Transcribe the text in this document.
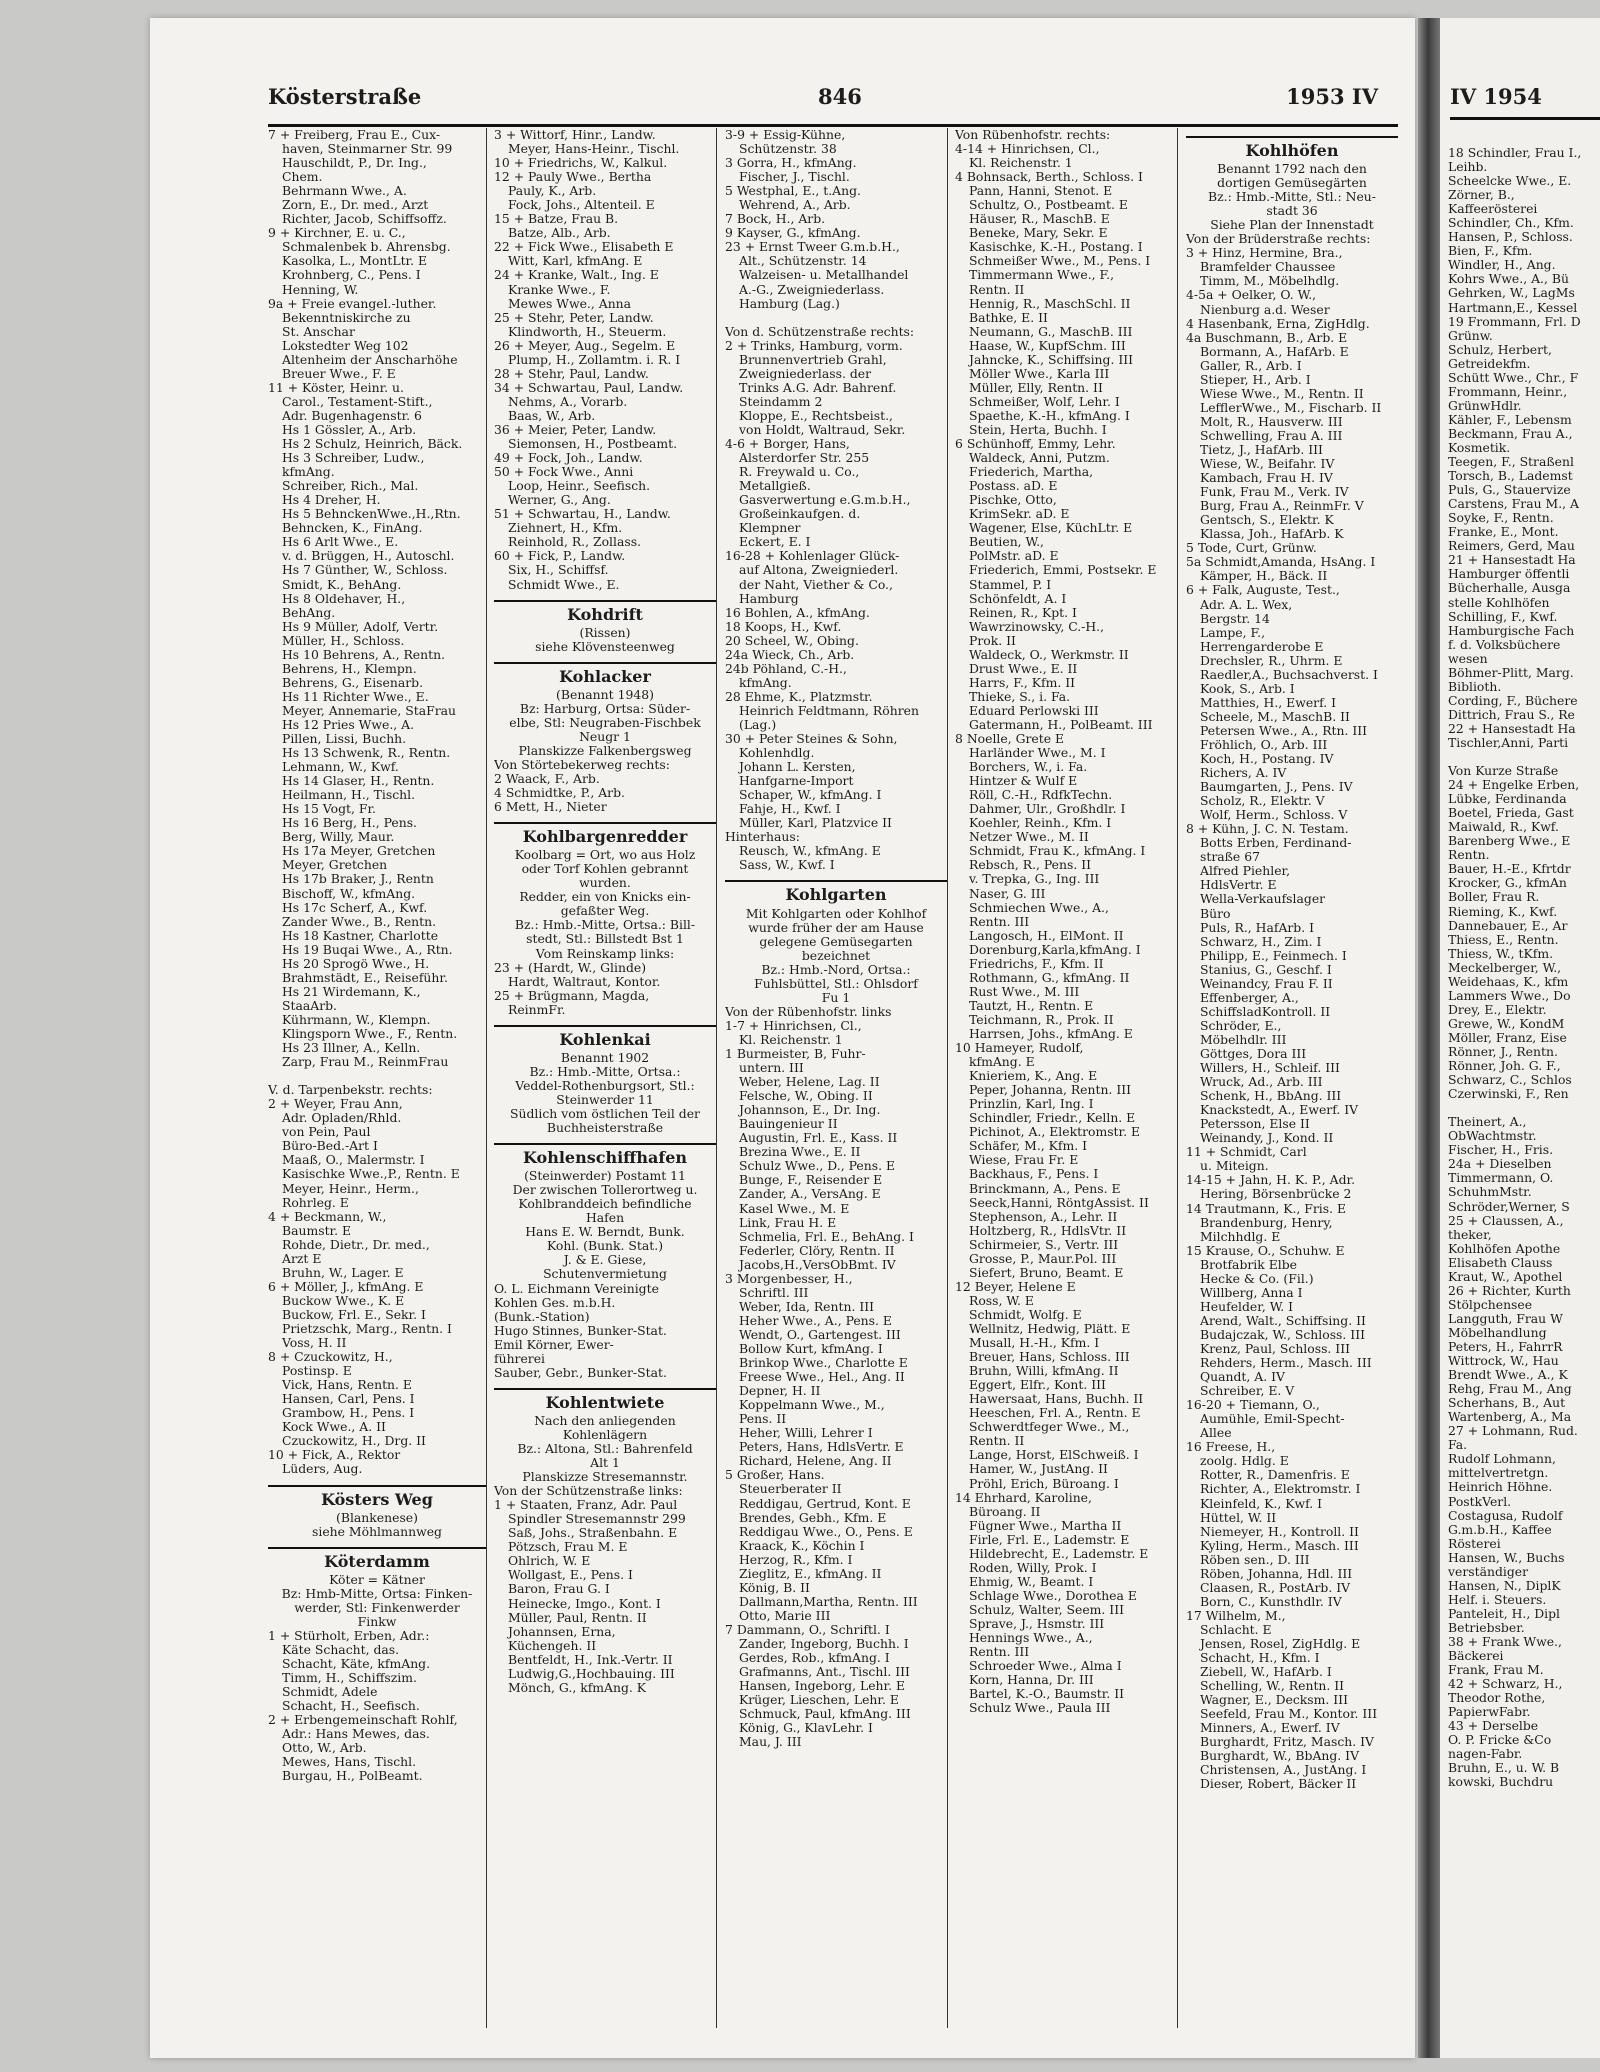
IV 1954
18 Schindler, Frau I.,
Leihb.
Scheelcke Wwe., E.
Zörner, B.,
Kaffeerösterei
Schindler, Ch., Kfm.
Hansen, P., Schloss.
Bien, F., Kfm.
Windler, H., Ang.
Kohrs Wwe., A., Bü
Gehrken, W., LagMs
Hartmann,E., Kessel
19 Frommann, Frl. D
Grünw.
Schulz, Herbert,
Getreidekfm.
Schütt Wwe., Chr., F
Frommann, Heinr.,
GrünwHdlr.
Kähler, F., Lebensm
Beckmann, Frau A.,
Kosmetik.
Teegen, F., Straßenl
Torsch, B., Lademst
Puls, G., Stauervize
Carstens, Frau M., A
Soyke, F., Rentn.
Franke, E., Mont.
Reimers, Gerd, Mau
21 + Hansestadt Ha
Hamburger öffentli
Bücherhalle, Ausga
stelle Kohlhöfen
Schilling, F., Kwf.
Hamburgische Fach
f. d. Volksbüchere
wesen
Böhmer-Plitt, Marg.
Biblioth.
Cording, F., Büchere
Dittrich, Frau S., Re
22 + Hansestadt Ha
Tischler,Anni, Parti

Von Kurze Straße
24 + Engelke Erben,
Lübke, Ferdinanda
Boetel, Frieda, Gast
Maiwald, R., Kwf.
Barenberg Wwe., E
Rentn.
Bauer, H.-E., Kfrtdr
Krocker, G., kfmAn
Boller, Frau R.
Rieming, K., Kwf.
Dannebauer, E., Ar
Thiess, E., Rentn.
Thiess, W., tKfm.
Meckelberger, W.,
Weidehaas, K., kfm
Lammers Wwe., Do
Drey, E., Elektr.
Grewe, W., KondM
Möller, Franz, Eise
Rönner, J., Rentn.
Rönner, Joh. G. F.,
Schwarz, C., Schlos
Czerwinski, F., Ren

Theinert, A.,
ObWachtmstr.
Fischer, H., Fris.
24a + Dieselben
Timmermann, O.
SchuhmMstr.
Schröder,Werner, S
25 + Claussen, A.,
theker,
Kohlhöfen Apothe
Elisabeth Clauss
Kraut, W., Apothel
26 + Richter, Kurth
Stölpchensee
Langguth, Frau W
Möbelhandlung
Peters, H., FahrrR
Wittrock, W., Hau
Brendt Wwe., A., K
Rehg, Frau M., Ang
Scherhans, B., Aut
Wartenberg, A., Ma
27 + Lohmann, Rud.
Fa.
Rudolf Lohmann,
mittelvertretgn.
Heinrich Höhne.
PostkVerl.
Costagusa, Rudolf
G.m.b.H., Kaffee
Rösterei
Hansen, W., Buchs
verständiger
Hansen, N., DiplK
Helf. i. Steuers.
Panteleit, H., Dipl
Betriebsber.
38 + Frank Wwe.,
Bäckerei
Frank, Frau M.
42 + Schwarz, H.,
Theodor Rothe,
PapierwFabr.
43 + Derselbe
O. P. Fricke &Co
nagen-Fabr.
Bruhn, E., u. W. B
kowski, Buchdru
Kösterstraße	846	1953 IV
7 + Freiberg, Frau E., Cux-
haven, Steinmarner Str. 99
Hauschildt, P., Dr. Ing.,
Chem.
Behrmann Wwe., A.
Zorn, E., Dr. med., Arzt
Richter, Jacob, Schiffsoffz.
9 + Kirchner, E. u. C.,
Schmalenbek b. Ahrensbg.
Kasolka, L., MontLtr. E
Krohnberg, C., Pens. I
Henning, W.
9a + Freie evangel.-luther.
Bekenntniskirche zu
St. Anschar
Lokstedter Weg 102
Altenheim der Anscharhöhe
Breuer Wwe., F. E
11 + Köster, Heinr. u.
Carol., Testament-Stift.,
Adr. Bugenhagenstr. 6
Hs 1 Gössler, A., Arb.
Hs 2 Schulz, Heinrich, Bäck.
Hs 3 Schreiber, Ludw.,
kfmAng.
Schreiber, Rich., Mal.
Hs 4 Dreher, H.
Hs 5 BehnckenWwe.,H.,Rtn.
Behncken, K., FinAng.
Hs 6 Arlt Wwe., E.
v. d. Brüggen, H., Autoschl.
Hs 7 Günther, W., Schloss.
Smidt, K., BehAng.
Hs 8 Oldehaver, H.,
BehAng.
Hs 9 Müller, Adolf, Vertr.
Müller, H., Schloss.
Hs 10 Behrens, A., Rentn.
Behrens, H., Klempn.
Behrens, G., Eisenarb.
Hs 11 Richter Wwe., E.
Meyer, Annemarie, StaFrau
Hs 12 Pries Wwe., A.
Pillen, Lissi, Buchh.
Hs 13 Schwenk, R., Rentn.
Lehmann, W., Kwf.
Hs 14 Glaser, H., Rentn.
Heilmann, H., Tischl.
Hs 15 Vogt, Fr.
Hs 16 Berg, H., Pens.
Berg, Willy, Maur.
Hs 17a Meyer, Gretchen
Meyer, Gretchen
Hs 17b Braker, J., Rentn
Bischoff, W., kfmAng.
Hs 17c Scherf, A., Kwf.
Zander Wwe., B., Rentn.
Hs 18 Kastner, Charlotte
Hs 19 Buqai Wwe., A., Rtn.
Hs 20 Sprogö Wwe., H.
Brahmstädt, E., Reiseführ.
Hs 21 Wirdemann, K.,
StaaArb.
Kührmann, W., Klempn.
Klingsporn Wwe., F., Rentn.
Hs 23 Illner, A., Kelln.
Zarp, Frau M., ReinmFrau

V. d. Tarpenbekstr. rechts:
2 + Weyer, Frau Ann,
Adr. Opladen/Rhld.
von Pein, Paul
Büro-Bed.-Art I
Maaß, O., Malermstr. I
Kasischke Wwe.,P., Rentn. E
Meyer, Heinr., Herm.,
Rohrleg. E
4 + Beckmann, W.,
Baumstr. E
Rohde, Dietr., Dr. med.,
Arzt E
Bruhn, W., Lager. E
6 + Möller, J., kfmAng. E
Buckow Wwe., K. E
Buckow, Frl. E., Sekr. I
Prietzschk, Marg., Rentn. I
Voss, H. II
8 + Czuckowitz, H.,
Postinsp. E
Vick, Hans, Rentn. E
Hansen, Carl, Pens. I
Grambow, H., Pens. I
Kock Wwe., A. II
Czuckowitz, H., Drg. II
10 + Fick, A., Rektor
Lüders, Aug.
Kösters Weg
(Blankenese)
siehe Möhlmannweg
Köterdamm
Köter = Kätner
Bz: Hmb-Mitte, Ortsa: Finken-
werder, Stl: Finkenwerder
Finkw
1 + Stürholt, Erben, Adr.:
Käte Schacht, das.
Schacht, Käte, kfmAng.
Timm, H., Schiffszim.
Schmidt, Adele
Schacht, H., Seefisch.
2 + Erbengemeinschaft Rohlf,
Adr.: Hans Mewes, das.
Otto, W., Arb.
Mewes, Hans, Tischl.
Burgau, H., PolBeamt.
3 + Wittorf, Hinr., Landw.
Meyer, Hans-Heinr., Tischl.
10 + Friedrichs, W., Kalkul.
12 + Pauly Wwe., Bertha
Pauly, K., Arb.
Fock, Johs., Altenteil. E
15 + Batze, Frau B.
Batze, Alb., Arb.
22 + Fick Wwe., Elisabeth E
Witt, Karl, kfmAng. E
24 + Kranke, Walt., Ing. E
Kranke Wwe., F.
Mewes Wwe., Anna
25 + Stehr, Peter, Landw.
Klindworth, H., Steuerm.
26 + Meyer, Aug., Segelm. E
Plump, H., Zollamtm. i. R. I
28 + Stehr, Paul, Landw.
34 + Schwartau, Paul, Landw.
Nehms, A., Vorarb.
Baas, W., Arb.
36 + Meier, Peter, Landw.
Siemonsen, H., Postbeamt.
49 + Fock, Joh., Landw.
50 + Fock Wwe., Anni
Loop, Heinr., Seefisch.
Werner, G., Ang.
51 + Schwartau, H., Landw.
Ziehnert, H., Kfm.
Reinhold, R., Zollass.
60 + Fick, P., Landw.
Six, H., Schiffsf.
Schmidt Wwe., E.
Kohdrift
(Rissen)
siehe Klövensteenweg
Kohlacker
(Benannt 1948)
Bz: Harburg, Ortsa: Süder-
elbe, Stl: Neugraben-Fischbek
Neugr 1
Planskizze Falkenbergsweg
Von Störtebekerweg rechts:
2 Waack, F., Arb.
4 Schmidtke, P., Arb.
6 Mett, H., Nieter
Kohlbargenredder
Koolbarg = Ort, wo aus Holz
oder Torf Kohlen gebrannt
wurden.
Redder, ein von Knicks ein-
gefaßter Weg.
Bz.: Hmb.-Mitte, Ortsa.: Bill-
stedt, Stl.: Billstedt Bst 1
Vom Reinskamp links:
23 + (Hardt, W., Glinde)
Hardt, Waltraut, Kontor.
25 + Brügmann, Magda,
ReinmFr.
Kohlenkai
Benannt 1902
Bz.: Hmb.-Mitte, Ortsa.:
Veddel-Rothenburgsort, Stl.:
Steinwerder 11
Südlich vom östlichen Teil der
Buchheisterstraße
Kohlenschiffhafen
(Steinwerder) Postamt 11
Der zwischen Tollerortweg u.
Kohlbranddeich befindliche
Hafen
Hans E. W. Berndt, Bunk.
Kohl. (Bunk. Stat.)
J. & E. Giese,
Schutenvermietung
O. L. Eichmann Vereinigte
Kohlen Ges. m.b.H.
(Bunk.-Station)
Hugo Stinnes, Bunker-Stat.
Emil Körner, Ewer-
führerei
Sauber, Gebr., Bunker-Stat.
Kohlentwiete
Nach den anliegenden
Kohlenlägern
Bz.: Altona, Stl.: Bahrenfeld
Alt 1
Planskizze Stresemannstr.
Von der Schützenstraße links:
1 + Staaten, Franz, Adr. Paul
Spindler Stresemannstr 299
Saß, Johs., Straßenbahn. E
Pötzsch, Frau M. E
Ohlrich, W. E
Wollgast, E., Pens. I
Baron, Frau G. I
Heinecke, Imgo., Kont. I
Müller, Paul, Rentn. II
Johannsen, Erna,
Küchengeh. II
Bentfeldt, H., Ink.-Vertr. II
Ludwig,G.,Hochbauing. III
Mönch, G., kfmAng. K
3-9 + Essig-Kühne,
Schützenstr. 38
3 Gorra, H., kfmAng.
Fischer, J., Tischl.
5 Westphal, E., t.Ang.
Wehrend, A., Arb.
7 Bock, H., Arb.
9 Kayser, G., kfmAng.
23 + Ernst Tweer G.m.b.H.,
Alt., Schützenstr. 14
Walzeisen- u. Metallhandel
A.-G., Zweigniederlass.
Hamburg (Lag.)

Von d. Schützenstraße rechts:
2 + Trinks, Hamburg, vorm.
Brunnenvertrieb Grahl,
Zweigniederlass. der
Trinks A.G. Adr. Bahrenf.
Steindamm 2
Kloppe, E., Rechtsbeist.,
von Holdt, Waltraud, Sekr.
4-6 + Borger, Hans,
Alsterdorfer Str. 255
R. Freywald u. Co.,
Metallgieß.
Gasverwertung e.G.m.b.H.,
Großeinkaufgen. d.
Klempner
Eckert, E. I
16-28 + Kohlenlager Glück-
auf Altona, Zweigniederl.
der Naht, Viether & Co.,
Hamburg
16 Bohlen, A., kfmAng.
18 Koops, H., Kwf.
20 Scheel, W., Obing.
24a Wieck, Ch., Arb.
24b Pöhland, C.-H.,
kfmAng.
28 Ehme, K., Platzmstr.
Heinrich Feldtmann, Röhren
(Lag.)
30 + Peter Steines & Sohn,
Kohlenhdlg.
Johann L. Kersten,
Hanfgarne-Import
Schaper, W., kfmAng. I
Fahje, H., Kwf. I
Müller, Karl, Platzvice II
Hinterhaus:
Reusch, W., kfmAng. E
Sass, W., Kwf. I
Kohlgarten
Mit Kohlgarten oder Kohlhof
wurde früher der am Hause
gelegene Gemüsegarten
bezeichnet
Bz.: Hmb.-Nord, Ortsa.:
Fuhlsbüttel, Stl.: Ohlsdorf
Fu 1
Von der Rübenhofstr. links
1-7 + Hinrichsen, Cl.,
Kl. Reichenstr. 1
1 Burmeister, B, Fuhr-
untern. III
Weber, Helene, Lag. II
Felsche, W., Obing. II
Johannson, E., Dr. Ing.
Bauingenieur II
Augustin, Frl. E., Kass. II
Brezina Wwe., E. II
Schulz Wwe., D., Pens. E
Bunge, F., Reisender E
Zander, A., VersAng. E
Kasel Wwe., M. E
Link, Frau H. E
Schmelia, Frl. E., BehAng. I
Federler, Clöry, Rentn. II
Jacobs,H.,VersObBmt. IV
3 Morgenbesser, H.,
Schriftl. III
Weber, Ida, Rentn. III
Heher Wwe., A., Pens. E
Wendt, O., Gartengest. III
Bollow Kurt, kfmAng. I
Brinkop Wwe., Charlotte E
Freese Wwe., Hel., Ang. II
Depner, H. II
Koppelmann Wwe., M.,
Pens. II
Heher, Willi, Lehrer I
Peters, Hans, HdlsVertr. E
Richard, Helene, Ang. II
5 Großer, Hans.
Steuerberater II
Reddigau, Gertrud, Kont. E
Brendes, Gebh., Kfm. E
Reddigau Wwe., O., Pens. E
Kraack, K., Köchin I
Herzog, R., Kfm. I
Zieglitz, E., kfmAng. II
König, B. II
Dallmann,Martha, Rentn. III
Otto, Marie III
7 Dammann, O., Schriftl. I
Zander, Ingeborg, Buchh. I
Gerdes, Rob., kfmAng. I
Grafmanns, Ant., Tischl. III
Hansen, Ingeborg, Lehr. E
Krüger, Lieschen, Lehr. E
Schmuck, Paul, kfmAng. III
König, G., KlavLehr. I
Mau, J. III
Von Rübenhofstr. rechts:
4-14 + Hinrichsen, Cl.,
Kl. Reichenstr. 1
4 Bohnsack, Berth., Schloss. I
Pann, Hanni, Stenot. E
Schultz, O., Postbeamt. E
Häuser, R., MaschB. E
Beneke, Mary, Sekr. E
Kasischke, K.-H., Postang. I
Schmeißer Wwe., M., Pens. I
Timmermann Wwe., F.,
Rentn. II
Hennig, R., MaschSchl. II
Bathke, E. II
Neumann, G., MaschB. III
Haase, W., KupfSchm. III
Jahncke, K., Schiffsing. III
Möller Wwe., Karla III
Müller, Elly, Rentn. II
Schmeißer, Wolf, Lehr. I
Spaethe, K.-H., kfmAng. I
Stein, Herta, Buchh. I
6 Schünhoff, Emmy, Lehr.
Waldeck, Anni, Putzm.
Friederich, Martha,
Postass. aD. E
Pischke, Otto,
KrimSekr. aD. E
Wagener, Else, KüchLtr. E
Beutien, W.,
PolMstr. aD. E
Friederich, Emmi, Postsekr. E
Stammel, P. I
Schönfeldt, A. I
Reinen, R., Kpt. I
Wawrzinowsky, C.-H.,
Prok. II
Waldeck, O., Werkmstr. II
Drust Wwe., E. II
Harrs, F., Kfm. II
Thieke, S., i. Fa.
Eduard Perlowski III
Gatermann, H., PolBeamt. III
8 Noelle, Grete E
Harländer Wwe., M. I
Borchers, W., i. Fa.
Hintzer & Wulf E
Röll, C.-H., RdfkTechn.
Dahmer, Ulr., Großhdlr. I
Koehler, Reinh., Kfm. I
Netzer Wwe., M. II
Schmidt, Frau K., kfmAng. I
Rebsch, R., Pens. II
v. Trepka, G., Ing. III
Naser, G. III
Schmiechen Wwe., A.,
Rentn. III
Langosch, H., ElMont. II
Dorenburg,Karla,kfmAng. I
Friedrichs, F., Kfm. II
Rothmann, G., kfmAng. II
Rust Wwe., M. III
Tautzt, H., Rentn. E
Teichmann, R., Prok. II
Harrsen, Johs., kfmAng. E
10 Hameyer, Rudolf,
kfmAng. E
Knieriem, K., Ang. E
Peper, Johanna, Rentn. III
Prinzlin, Karl, Ing. I
Schindler, Friedr., Kelln. E
Pichinot, A., Elektromstr. E
Schäfer, M., Kfm. I
Wiese, Frau Fr. E
Backhaus, F., Pens. I
Brinckmann, A., Pens. E
Seeck,Hanni, RöntgAssist. II
Stephenson, A., Lehr. II
Holtzberg, R., HdlsVtr. II
Schirmeier, S., Vertr. III
Grosse, P., Maur.Pol. III
Siefert, Bruno, Beamt. E
12 Beyer, Helene E
Ross, W. E
Schmidt, Wolfg. E
Wellnitz, Hedwig, Plätt. E
Musall, H.-H., Kfm. I
Breuer, Hans, Schloss. III
Bruhn, Willi, kfmAng. II
Eggert, Elfr., Kont. III
Hawersaat, Hans, Buchh. II
Heeschen, Frl. A., Rentn. E
Schwerdtfeger Wwe., M.,
Rentn. II
Lange, Horst, ElSchweiß. I
Hamer, W., JustAng. II
Pröhl, Erich, Büroang. I
14 Ehrhard, Karoline,
Büroang. II
Fügner Wwe., Martha II
Firle, Frl. E., Lademstr. E
Hildebrecht, E., Lademstr. E
Roden, Willy, Prok. I
Ehmig, W., Beamt. I
Schlage Wwe., Dorothea E
Schulz, Walter, Seem. III
Sprave, J., Hsmstr. III
Hennings Wwe., A.,
Rentn. III
Schroeder Wwe., Alma I
Korn, Hanna, Dr. III
Bartel, K.-O., Baumstr. II
Schulz Wwe., Paula III
Kohlhöfen
Benannt 1792 nach den
dortigen Gemüsegärten
Bz.: Hmb.-Mitte, Stl.: Neu-
stadt 36
Siehe Plan der Innenstadt
Von der Brüderstraße rechts:
3 + Hinz, Hermine, Bra.,
Bramfelder Chaussee
Timm, M., Möbelhdlg.
4-5a + Oelker, O. W.,
Nienburg a.d. Weser
4 Hasenbank, Erna, ZigHdlg.
4a Buschmann, B., Arb. E
Bormann, A., HafArb. E
Galler, R., Arb. I
Stieper, H., Arb. I
Wiese Wwe., M., Rentn. II
LefflerWwe., M., Fischarb. II
Molt, R., Hausverw. III
Schwelling, Frau A. III
Tietz, J., HafArb. III
Wiese, W., Beifahr. IV
Kambach, Frau H. IV
Funk, Frau M., Verk. IV
Burg, Frau A., ReinmFr. V
Gentsch, S., Elektr. K
Klassa, Joh., HafArb. K
5 Tode, Curt, Grünw.
5a Schmidt,Amanda, HsAng. I
Kämper, H., Bäck. II
6 + Falk, Auguste, Test.,
Adr. A. L. Wex,
Bergstr. 14
Lampe, F.,
Herrengarderobe E
Drechsler, R., Uhrm. E
Raedler,A., Buchsachverst. I
Kook, S., Arb. I
Matthies, H., Ewerf. I
Scheele, M., MaschB. II
Petersen Wwe., A., Rtn. III
Fröhlich, O., Arb. III
Koch, H., Postang. IV
Richers, A. IV
Baumgarten, J., Pens. IV
Scholz, R., Elektr. V
Wolf, Herm., Schloss. V
8 + Kühn, J. C. N. Testam.
Botts Erben, Ferdinand-
straße 67
Alfred Piehler,
HdlsVertr. E
Wella-Verkaufslager
Büro
Puls, R., HafArb. I
Schwarz, H., Zim. I
Philipp, E., Feinmech. I
Stanius, G., Geschf. I
Weinandcy, Frau F. II
Effenberger, A.,
SchiffsladKontroll. II
Schröder, E.,
Möbelhdlr. III
Göttges, Dora III
Willers, H., Schleif. III
Wruck, Ad., Arb. III
Schenk, H., BbAng. III
Knackstedt, A., Ewerf. IV
Petersson, Else II
Weinandy, J., Kond. II
11 + Schmidt, Carl
u. Miteign.
14-15 + Jahn, H. K. P., Adr.
Hering, Börsenbrücke 2
14 Trautmann, K., Fris. E
Brandenburg, Henry,
Milchhdlg. E
15 Krause, O., Schuhw. E
Brotfabrik Elbe
Hecke & Co. (Fil.)
Willberg, Anna I
Heufelder, W. I
Arend, Walt., Schiffsing. II
Budajczak, W., Schloss. III
Krenz, Paul, Schloss. III
Rehders, Herm., Masch. III
Quandt, A. IV
Schreiber, E. V
16-20 + Tiemann, O.,
Aumühle, Emil-Specht-
Allee
16 Freese, H.,
zoolg. Hdlg. E
Rotter, R., Damenfris. E
Richter, A., Elektromstr. I
Kleinfeld, K., Kwf. I
Hüttel, W. II
Niemeyer, H., Kontroll. II
Kyling, Herm., Masch. III
Röben sen., D. III
Röben, Johanna, Hdl. III
Claasen, R., PostArb. IV
Born, C., Kunsthdlr. IV
17 Wilhelm, M.,
Schlacht. E
Jensen, Rosel, ZigHdlg. E
Schacht, H., Kfm. I
Ziebell, W., HafArb. I
Schelling, W., Rentn. II
Wagner, E., Decksm. III
Seefeld, Frau M., Kontor. III
Minners, A., Ewerf. IV
Burghardt, Fritz, Masch. IV
Burghardt, W., BbAng. IV
Christensen, A., JustAng. I
Dieser, Robert, Bäcker II
